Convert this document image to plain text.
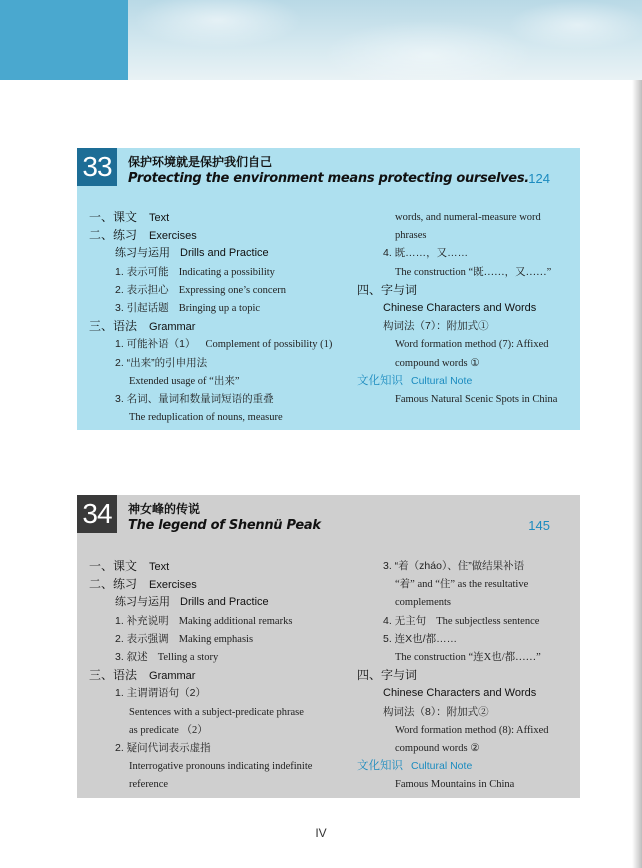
33	保护环境就是保护我们自己
Protecting the environment means protecting ourselves. 124
一、课文 Text
二、练习 Exercises
练习与运用 Drills and Practice
1. 表示可能 Indicating a possibility
2. 表示担心 Expressing one’s concern
3. 引起话题 Bringing up a topic
三、语法 Grammar
1. 可能补语（1） Complement of possibility (1)
2. “出来”的引申用法
Extended usage of “出来”
3. 名词、量词和数量词短语的重叠
The reduplication of nouns, measure
words, and numeral-measure word
phrases
4. 既……，又……
The construction “既……，又……”
四、字与词
Chinese Characters and Words
构词法（7）：附加式①
Word formation method (7): Affixed
compound words ①
文化知识 Cultural Note
Famous Natural Scenic Spots in China
34	神女峰的传说
The legend of Shennü Peak	145
一、课文 Text
二、练习 Exercises
练习与运用 Drills and Practice
1. 补充说明 Making additional remarks
2. 表示强调 Making emphasis
3. 叙述 Telling a story
三、语法 Grammar
1. 主谓谓语句（2）
Sentences with a subject-predicate phrase
as predicate （2）
2. 疑问代词表示虚指
Interrogative pronouns indicating indefinite
reference
3. “着（zháo）、住”做结果补语
“着” and “住” as the resultative
complements
4. 无主句 The subjectless sentence
5. 连X也/都……
The construction “连X也/都……”
四、字与词
Chinese Characters and Words
构词法（8）：附加式②
Word formation method (8): Affixed
compound words ②
文化知识 Cultural Note
Famous Mountains in China
IV
